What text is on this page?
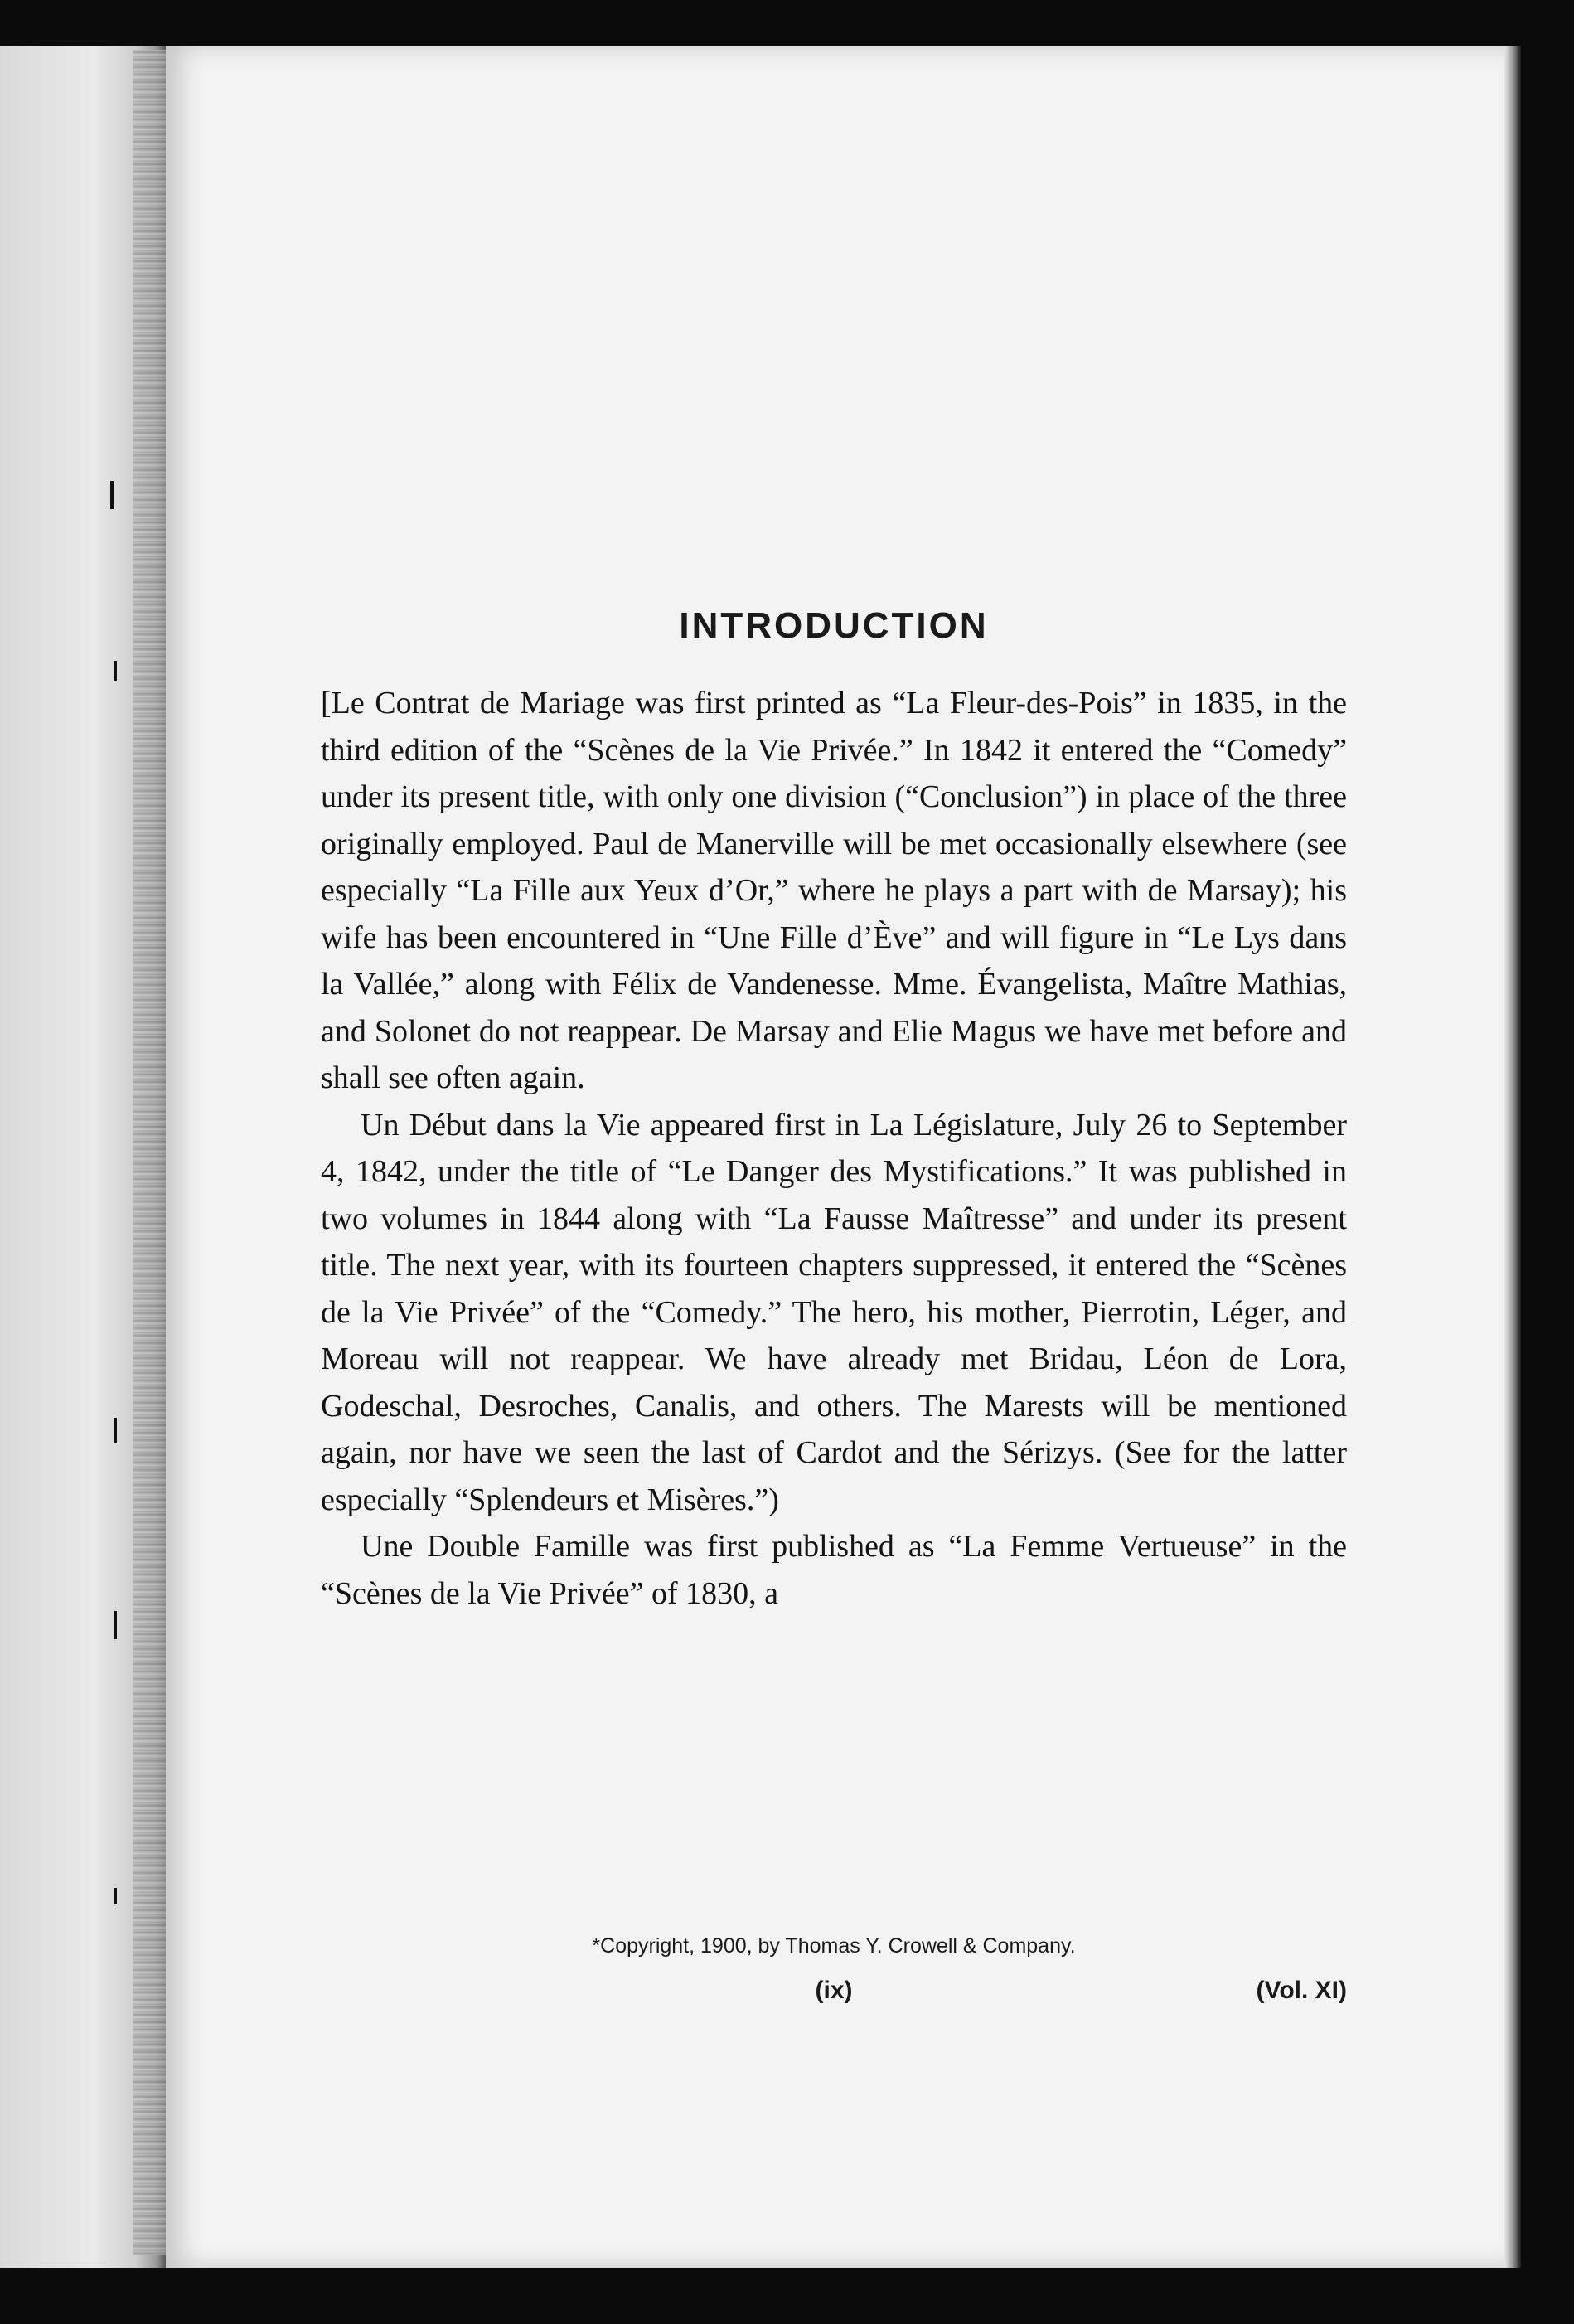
INTRODUCTION

[Le Contrat de Mariage was first printed as “La Fleur-des-Pois” in 1835, in the third edition of the “Scènes de la Vie Privée.” In 1842 it entered the “Comedy” under its present title, with only one division (“Conclusion”) in place of the three originally employed. Paul de Manerville will be met occasionally elsewhere (see especially “La Fille aux Yeux d’Or,” where he plays a part with de Marsay); his wife has been encountered in “Une Fille d’Ève” and will figure in “Le Lys dans la Vallée,” along with Félix de Vandenesse. Mme. Évangelista, Maître Mathias, and Solonet do not reappear. De Marsay and Elie Magus we have met before and shall see often again.

Un Début dans la Vie appeared first in La Législature, July 26 to September 4, 1842, under the title of “Le Danger des Mystifications.” It was published in two volumes in 1844 along with “La Fausse Maîtresse” and under its present title. The next year, with its fourteen chapters suppressed, it entered the “Scènes de la Vie Privée” of the “Comedy.” The hero, his mother, Pierrotin, Léger, and Moreau will not reappear. We have already met Bridau, Léon de Lora, Godeschal, Desroches, Canalis, and others. The Marests will be mentioned again, nor have we seen the last of Cardot and the Sérizys. (See for the latter especially “Splendeurs et Misères.”)

Une Double Famille was first published as “La Femme Vertueuse” in the “Scènes de la Vie Privée” of 1830, a

*Copyright, 1900, by Thomas Y. Crowell & Company.
(ix)	(Vol. XI)
